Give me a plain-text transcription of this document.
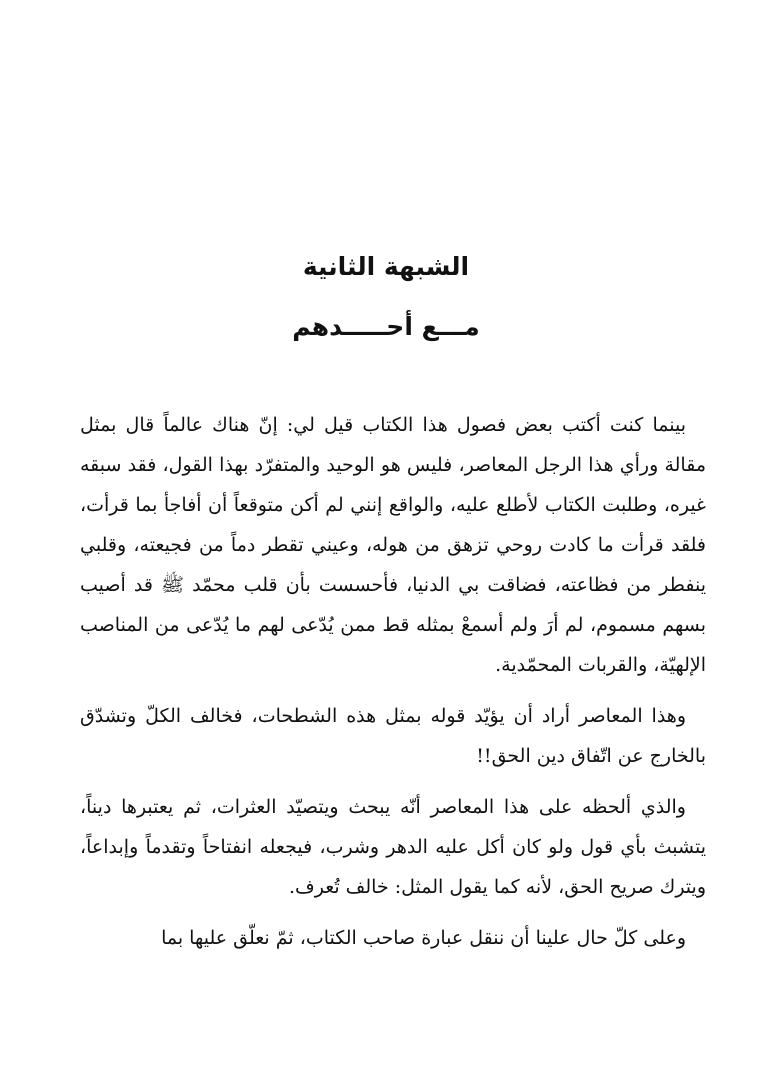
الشبهة الثانية
مـــع أحـــــدهم

بينما كنت أكتب بعض فصول هذا الكتاب قيل لي: إنّ هناك عالماً قال بمثل مقالة ورأي هذا الرجل المعاصر، فليس هو الوحيد والمتفرّد بهذا القول، فقد سبقه غيره، وطلبت الكتاب لأطلع عليه، والواقع إنني لم أكن متوقعاً أن أفاجأ بما قرأت، فلقد قرأت ما كادت روحي تزهق من هوله، وعيني تقطر دماً من فجيعته، وقلبي ينفطر من فظاعته، فضاقت بي الدنيا، فأحسست بأن قلب محمّد ﷺ قد أصيب بسهم مسموم، لم أرَ ولم أسمعْ بمثله قط ممن يُدّعى لهم ما يُدّعى من المناصب الإلهيّة، والقربات المحمّدية.

وهذا المعاصر أراد أن يؤيّد قوله بمثل هذه الشطحات، فخالف الكلّ وتشدّق بالخارج عن اتّفاق دين الحق!!

والذي ألحظه على هذا المعاصر أنّه يبحث ويتصيّد العثرات، ثم يعتبرها ديناً، يتشبث بأي قول ولو كان أكل عليه الدهر وشرب، فيجعله انفتاحاً وتقدماً وإبداعاً، ويترك صريح الحق، لأنه كما يقول المثل: خالف تُعرف.

وعلى كلّ حال علينا أن ننقل عبارة صاحب الكتاب، ثمّ نعلّق عليها بما
